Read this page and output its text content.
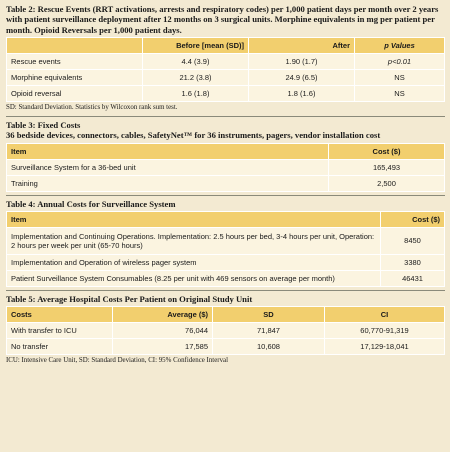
Table 2: Rescue Events (RRT activations, arrests and respiratory codes) per 1,000 patient days per month over 2 years with patient surveillance deployment after 12 months on 3 surgical units. Morphine equivalents in mg per patient per month. Opioid Reversals per 1,000 patient days.
	Before [mean (SD)]	After	p Values
Rescue events	4.4 (3.9)	1.90 (1.7)	p<0.01
Morphine equivalents	21.2 (3.8)	24.9 (6.5)	NS
Opioid reversal	1.6 (1.8)	1.8 (1.6)	NS
SD: Standard Deviation. Statistics by Wilcoxon rank sum test.
Table 3: Fixed Costs
36 bedside devices, connectors, cables, SafetyNet™ for 36 instruments, pagers, vendor installation cost
Item	Cost ($)
Surveillance System for a 36-bed unit	165,493
Training	2,500
Table 4: Annual Costs for Surveillance System
Item	Cost ($)
Implementation and Continuing Operations. Implementation: 2.5 hours per bed, 3-4 hours per unit, Operation: 2 hours per week per unit (65-70 hours)	8450
Implementation and Operation of wireless pager system	3380
Patient Surveillance System Consumables (8.25 per unit with 469 sensors on average per month)	46431
Table 5: Average Hospital Costs Per Patient on Original Study Unit
Costs	Average ($)	SD	CI
With transfer to ICU	76,044	71,847	60,770-91,319
No transfer	17,585	10,608	17,129-18,041
ICU: Intensive Care Unit, SD: Standard Deviation, CI: 95% Confidence Interval
